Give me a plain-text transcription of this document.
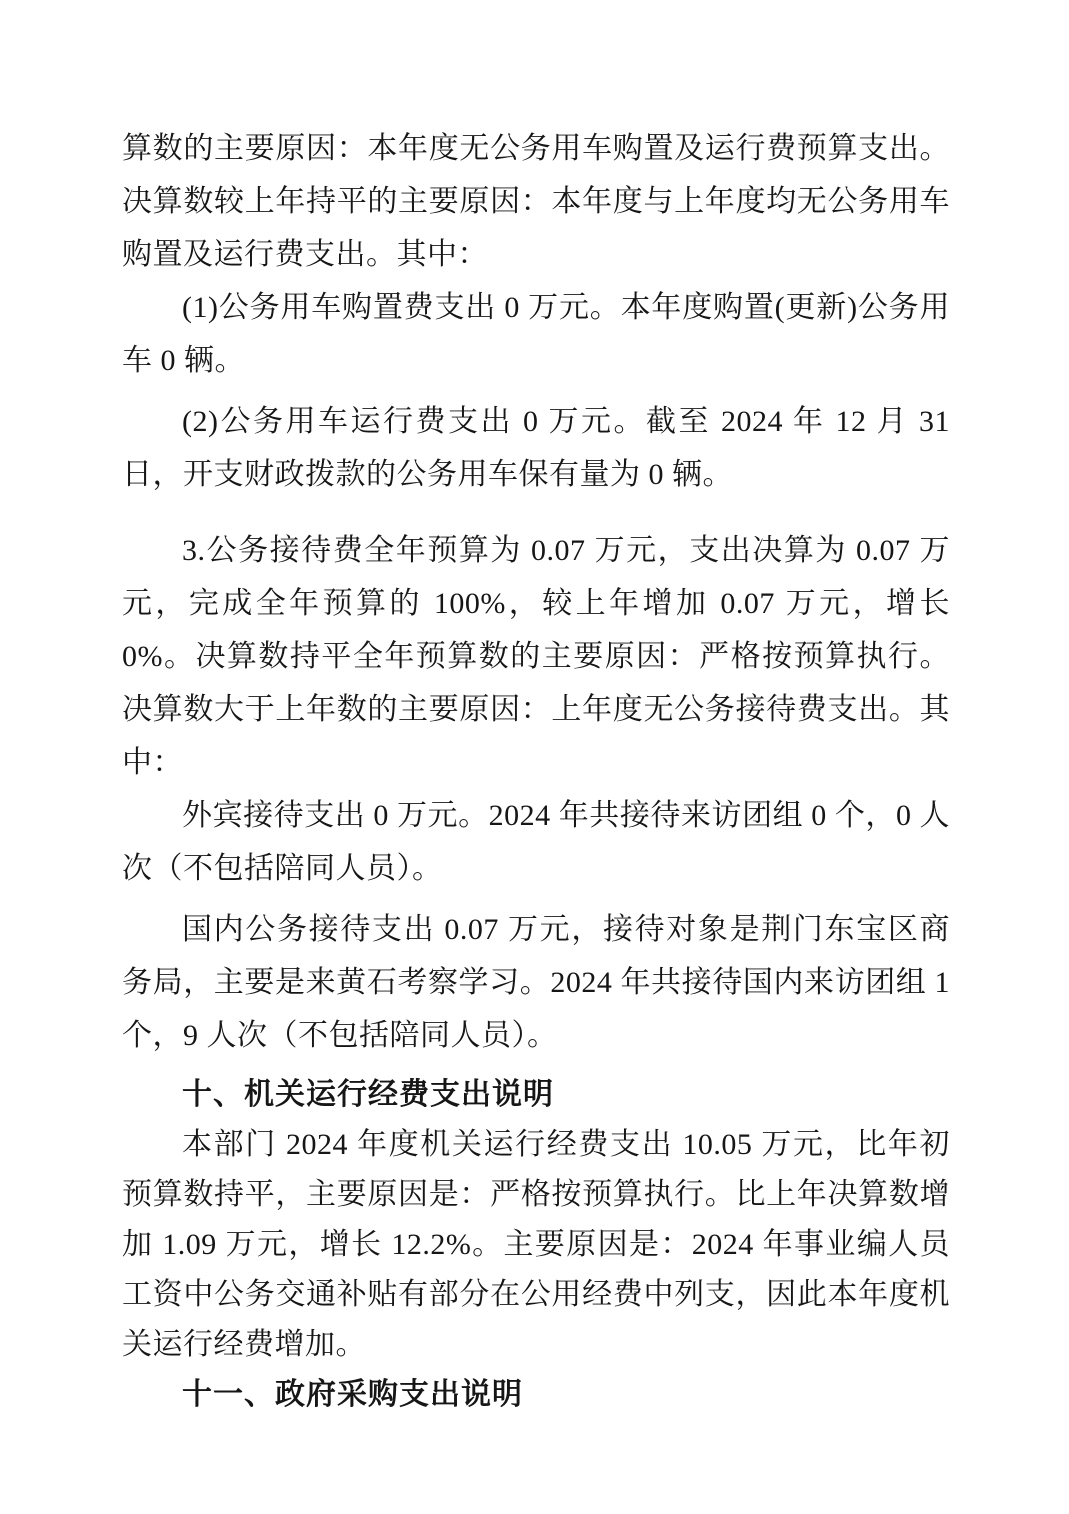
算数的主要原因：本年度无公务用车购置及运行费预算支出。决算数较上年持平的主要原因：本年度与上年度均无公务用车购置及运行费支出。其中：

(1)公务用车购置费支出 0 万元。本年度购置(更新)公务用车 0 辆。

(2)公务用车运行费支出 0 万元。截至 2024 年 12 月 31 日，开支财政拨款的公务用车保有量为 0 辆。

3.公务接待费全年预算为 0.07 万元，支出决算为 0.07 万元，完成全年预算的 100%，较上年增加 0.07 万元，增长 0%。决算数持平全年预算数的主要原因：严格按预算执行。决算数大于上年数的主要原因：上年度无公务接待费支出。其中：

外宾接待支出 0 万元。2024 年共接待来访团组 0 个，0 人次（不包括陪同人员）。

国内公务接待支出 0.07 万元，接待对象是荆门东宝区商务局，主要是来黄石考察学习。2024 年共接待国内来访团组 1 个，9 人次（不包括陪同人员）。

十、机关运行经费支出说明

本部门 2024 年度机关运行经费支出 10.05 万元，比年初预算数持平，主要原因是：严格按预算执行。比上年决算数增加 1.09 万元，增长 12.2%。主要原因是：2024 年事业编人员工资中公务交通补贴有部分在公用经费中列支，因此本年度机关运行经费增加。

十一、政府采购支出说明
